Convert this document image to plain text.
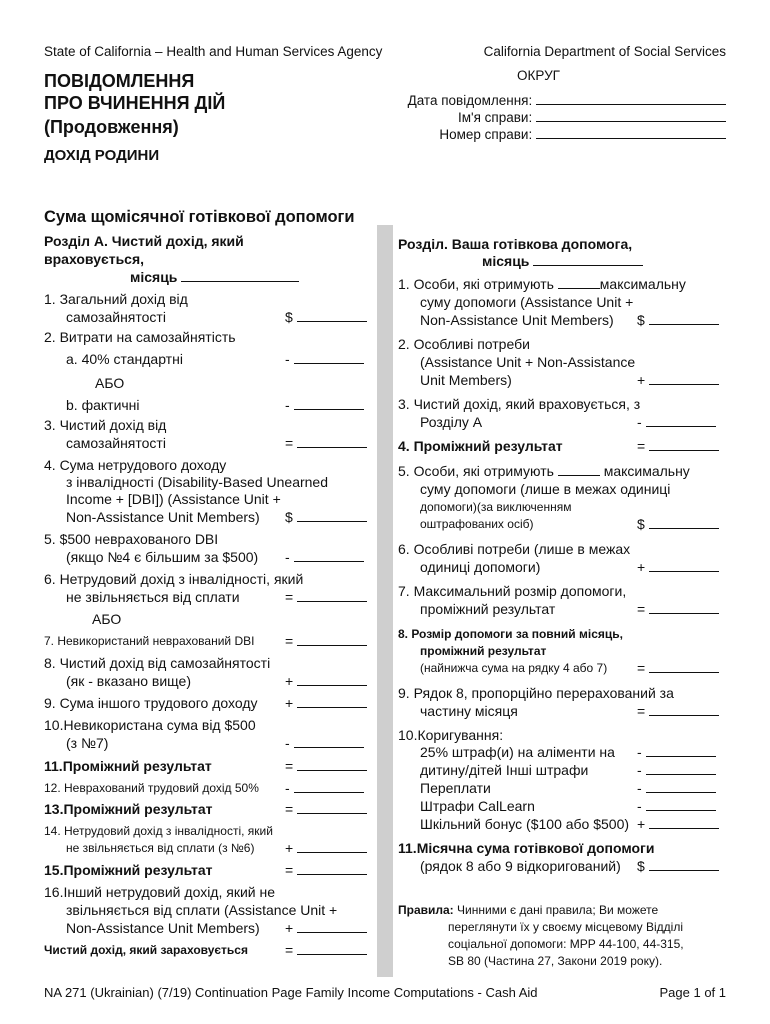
State of California – Health and Human Services Agency	California Department of Social Services
ПОВІДОМЛЕННЯ
ПРО ВЧИНЕННЯ ДІЙ
(Продовження)
ДОХІД РОДИНИ
ОКРУГ
Дата повідомлення:
Ім'я справи:
Номер справи:
Сума щомісячної готівкової допомоги
Розділ A. Чистий дохід, який
враховується,
місяць
1. Загальний дохід від
самозайнятості	$
2. Витрати на самозайнятість
a. 40% стандартні	-
АБО
b. фактичні	-
3. Чистий дохід від
самозайнятості	=
4. Сума нетрудового доходу
з інвалідності (Disability-Based Unearned
Income + [DBI]) (Assistance Unit +
Non-Assistance Unit Members) $
5. $500 неврахованого DBI
(якщо №4 є більшим за $500) -
6. Нетрудовий дохід з інвалідності, який
не звільняється від сплати	=
АБО
7. Невикористаний неврахований DBI =
8. Чистий дохід від самозайнятості
(як - вказано вище)	+
9. Сума іншого трудового доходу +
10.Невикористана сума від $500
(з №7)	-
11.Проміжний результат	=
12. Неврахований трудовий дохід 50% -
13.Проміжний результат	=
14. Нетрудовий дохід з інвалідності, який
не звільняється від сплати (з №6) +
15.Проміжний результат	=
16.Інший нетрудовий дохід, який не
звільняється від сплати (Assistance Unit +
Non-Assistance Unit Members) +
Чистий дохід, який зараховується	=
Розділ. Ваша готівкова допомога,
місяць
1. Особи, які отримують	максимальну
суму допомоги (Assistance Unit +
Non-Assistance Unit Members) $
2. Особливі потреби
(Assistance Unit + Non-Assistance
Unit Members)	+
3. Чистий дохід, який враховується, з
Розділу A	-
4. Проміжний результат	=
5. Особи, які отримують	максимальну
суму допомоги (лише в межах одиниці
допомоги)(за виключенням
оштрафованих осіб)	$
6. Особливі потреби (лише в межах
одиниці допомоги)	+
7. Максимальний розмір допомоги,
проміжний результат	=
8. Розмір допомоги за повний місяць,
проміжний результат
(найнижча сума на рядку 4 або 7) =
9. Рядок 8, пропорційно перерахований за
частину місяця	=
10.Коригування:
25% штраф(и) на аліменти на -
дитину/дітей Інші штрафи	-
Переплати	-
Штрафи CalLearn	-
Шкільний бонус ($100 або $500) +
11.Місячна сума готівкової допомоги
(рядок 8 або 9 відкоригований) $
Правила: Чинними є дані правила; Ви можете
переглянути їх у своєму місцевому Відділі
соціальної допомоги: MPP 44-100, 44-315,
SB 80 (Частина 27, Закони 2019 року).
NA 271 (Ukrainian) (7/19) Continuation Page Family Income Computations - Cash Aid	Page 1 of 1
